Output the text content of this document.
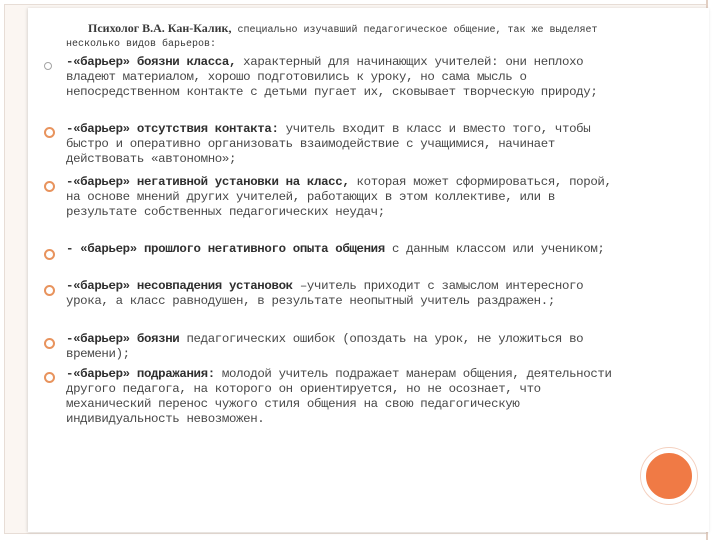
Психолог В.А. Кан-Калик, специально изучавший педагогическое общение, так же выделяет несколько видов барьеров:
-«барьер» боязни класса, характерный для начинающих учителей: они неплохо владеют материалом, хорошо подготовились к уроку, но сама мысль о непосредственном контакте с детьми пугает их, сковывает творческую природу;
-«барьер» отсутствия контакта: учитель входит в класс и вместо того, чтобы быстро и оперативно организовать взаимодействие с учащимися, начинает действовать «автономно»;
-«барьер» негативной установки на класс, которая может сформироваться, порой, на основе мнений других учителей, работающих в этом коллективе, или в результате собственных педагогических неудач;
- «барьер» прошлого негативного опыта общения с данным классом или учеником;
-«барьер» несовпадения установок –учитель приходит с замыслом интересного урока, а класс равнодушен, в результате неопытный учитель раздражен.;
-«барьер» боязни педагогических ошибок (опоздать на урок, не уложиться во времени);
-«барьер» подражания: молодой учитель подражает манерам общения, деятельности другого педагога, на которого он ориентируется, но не осознает, что механический перенос чужого стиля общения на свою педагогическую индивидуальность невозможен.
